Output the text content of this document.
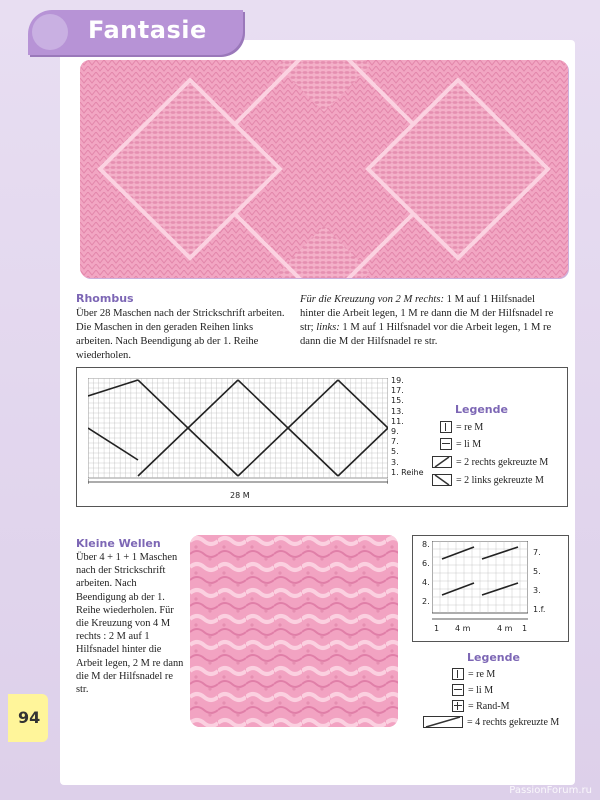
Fantasie
Rhombus
Über 28 Maschen nach der Strickschrift arbeiten. Die Maschen in den geraden Reihen links arbeiten. Nach Beendigung ab der 1. Reihe wiederholen.
Für die Kreuzung von 2 M rechts: 1 M auf 1 Hilfsnadel hinter die Arbeit legen, 1 M re dann die M der Hilfsnadel re str; links: 1 M auf 1 Hilfsnadel vor die Arbeit legen, 1 M re dann die M der Hilfsnadel re str.
28 M
19.
17.
15.
13.
11.
9.
7.
5.
3.
1. Reihe
Legende
= re M
= li M
= 2 rechts gekreuzte M
= 2 links gekreuzte M
Kleine Wellen
Über 4 + 1 + 1 Maschen nach der Strickschrift arbeiten. Nach Beendigung ab der 1. Reihe wiederholen. Für die Kreuzung von 4 M rechts : 2 M auf 1 Hilfsnadel hinter die Arbeit legen, 2 M re dann die M der Hilfsnadel re str.
8.
6.
4.
2.
7.
5.
3.
1.f.
1 4 m	4 m 1
Legende
= re M
= li M
= Rand-M
= 4 rechts gekreuzte M
94
PassionForum.ru
